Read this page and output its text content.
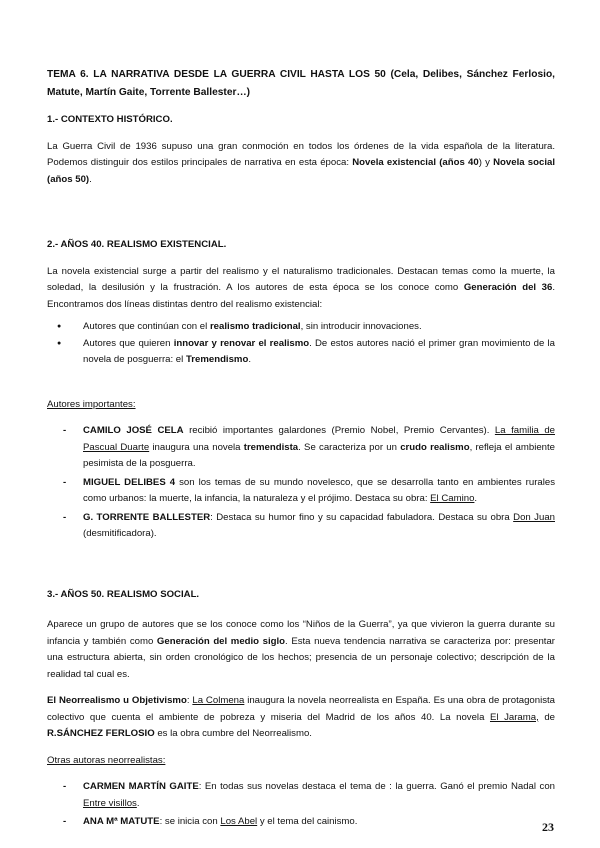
TEMA 6. LA NARRATIVA DESDE LA GUERRA CIVIL HASTA LOS 50 (Cela, Delibes, Sánchez Ferlosio, Matute, Martín Gaite, Torrente Ballester…)

1.- CONTEXTO HISTÓRICO.

La Guerra Civil de 1936 supuso una gran conmoción en todos los órdenes de la vida española de la literatura. Podemos distinguir dos estilos principales de narrativa en esta época: Novela existencial (años 40) y Novela social (años 50).

2.- AÑOS 40. REALISMO EXISTENCIAL.

La novela existencial surge a partir del realismo y el naturalismo tradicionales. Destacan temas como la muerte, la soledad, la desilusión y la frustración. A los autores de esta época se los conoce como Generación del 36. Encontramos dos líneas distintas dentro del realismo existencial:

● Autores que continúan con el realismo tradicional, sin introducir innovaciones.
● Autores que quieren innovar y renovar el realismo. De estos autores nació el primer gran movimiento de la novela de posguerra: el Tremendismo.

Autores importantes:

- CAMILO JOSÉ CELA recibió importantes galardones (Premio Nobel, Premio Cervantes). La familia de Pascual Duarte inaugura una novela tremendista. Se caracteriza por un crudo realismo, refleja el ambiente pesimista de la posguerra.
- MIGUEL DELIBES 4 son los temas de su mundo novelesco, que se desarrolla tanto en ambientes rurales como urbanos: la muerte, la infancia, la naturaleza y el prójimo. Destaca su obra: El Camino.
- G. TORRENTE BALLESTER: Destaca su humor fino y su capacidad fabuladora. Destaca su obra Don Juan (desmitificadora).

3.- AÑOS 50. REALISMO SOCIAL.

Aparece un grupo de autores que se los conoce como los “Niños de la Guerra”, ya que vivieron la guerra durante su infancia y también como Generación del medio siglo. Esta nueva tendencia narrativa se caracteriza por: presentar una estructura abierta, sin orden cronológico de los hechos; presencia de un personaje colectivo; descripción de la realidad tal cual es.

El Neorrealismo u Objetivismo: La Colmena inaugura la novela neorrealista en España. Es una obra de protagonista colectivo que cuenta el ambiente de pobreza y miseria del Madrid de los años 40. La novela El Jarama, de R.SÁNCHEZ FERLOSIO es la obra cumbre del Neorrealismo.

Otras autoras neorrealistas:

- CARMEN MARTÍN GAITE: En todas sus novelas destaca el tema de : la guerra. Ganó el premio Nadal con Entre visillos.
- ANA Mª MATUTE: se inicia con Los Abel y el tema del cainismo.	23
